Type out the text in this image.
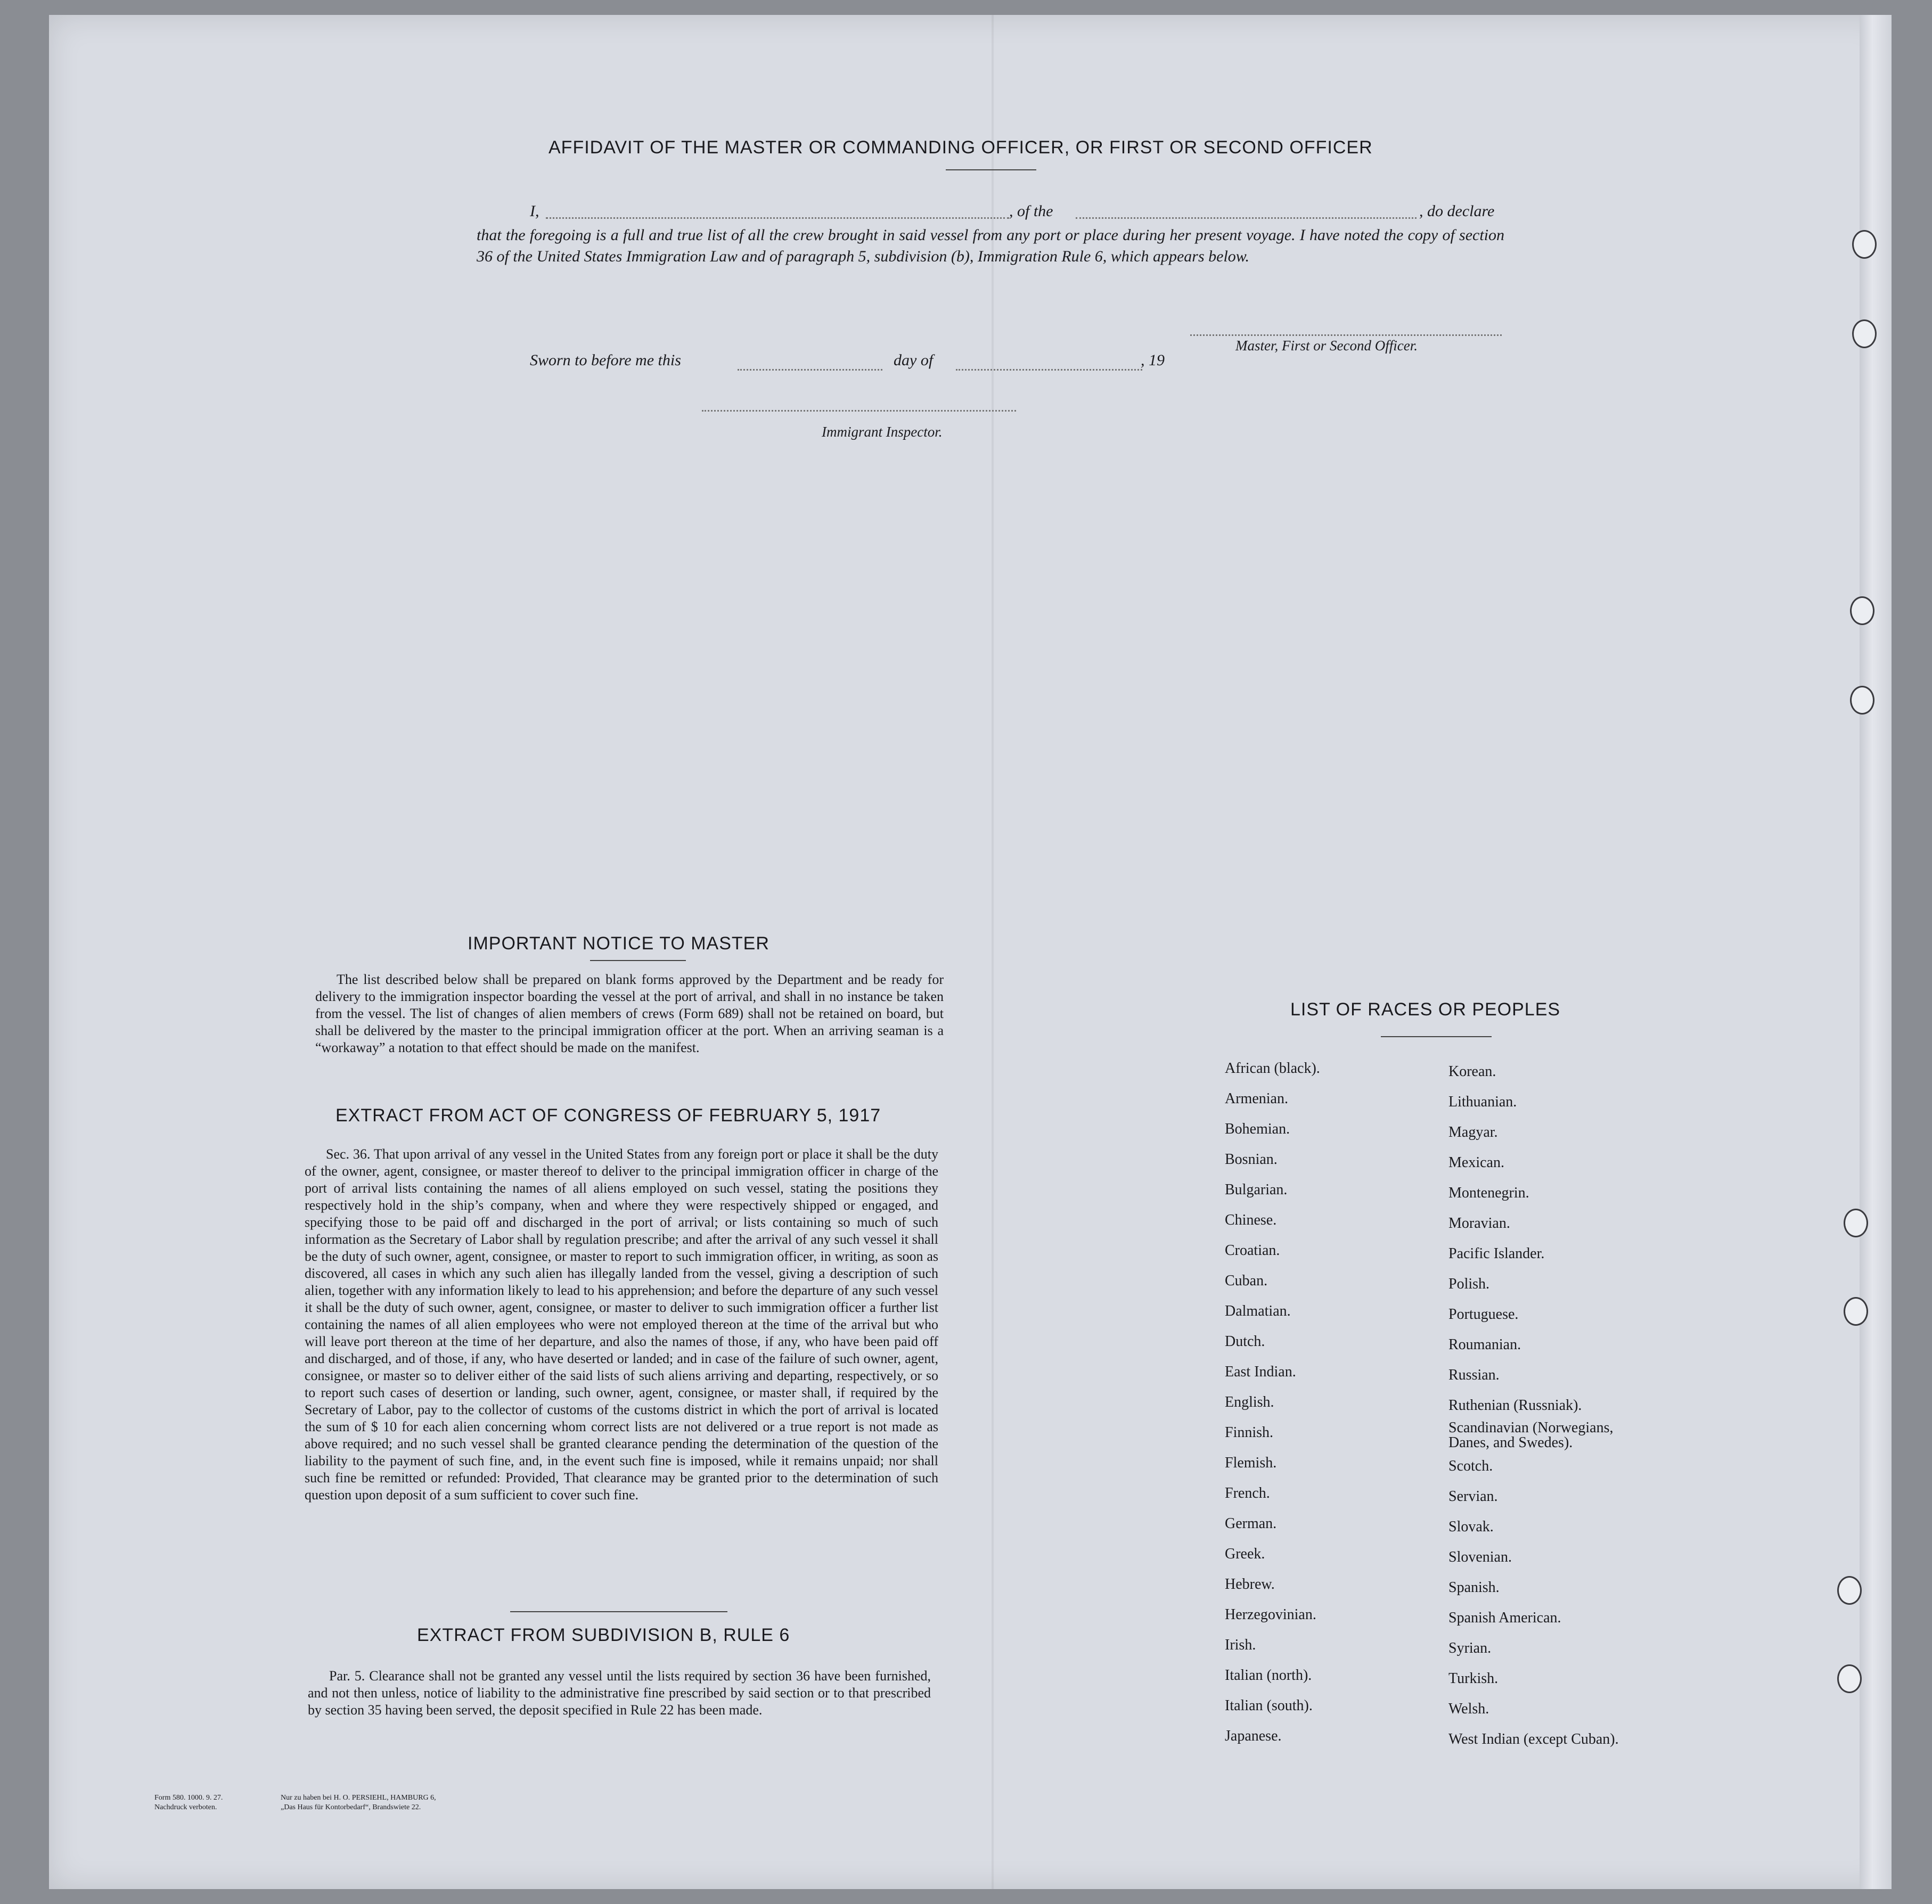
AFFIDAVIT OF THE MASTER OR COMMANDING OFFICER, OR FIRST OR SECOND OFFICER
I,	, of the	, do declare
that the foregoing is a full and true list of all the crew brought in said vessel from any port or place during her present voyage. I have noted the copy of section 36 of the United States Immigration Law and of paragraph 5, subdivision (b), Immigration Rule 6, which appears below.
Master, First or Second Officer.
Sworn to before me this	day of	, 19
Immigrant Inspector.
IMPORTANT NOTICE TO MASTER

The list described below shall be prepared on blank forms approved by the Department and be ready for delivery to the immigration inspector boarding the vessel at the port of arrival, and shall in no instance be taken from the vessel. The list of changes of alien members of crews (Form 689) shall not be retained on board, but shall be delivered by the master to the principal immigration officer at the port. When an arriving seaman is a “workaway” a notation to that effect should be made on the manifest.

EXTRACT FROM ACT OF CONGRESS OF FEBRUARY 5, 1917

Sec. 36. That upon arrival of any vessel in the United States from any foreign port or place it shall be the duty of the owner, agent, consignee, or master thereof to deliver to the principal immigration officer in charge of the port of arrival lists containing the names of all aliens employed on such vessel, stating the positions they respectively hold in the ship’s company, when and where they were respectively shipped or engaged, and specifying those to be paid off and discharged in the port of arrival; or lists containing so much of such information as the Secretary of Labor shall by regulation prescribe; and after the arrival of any such vessel it shall be the duty of such owner, agent, consignee, or master to report to such immigration officer, in writing, as soon as discovered, all cases in which any such alien has illegally landed from the vessel, giving a description of such alien, together with any information likely to lead to his apprehension; and before the departure of any such vessel it shall be the duty of such owner, agent, consignee, or master to deliver to such immigration officer a further list containing the names of all alien employees who were not employed thereon at the time of the arrival but who will leave port thereon at the time of her departure, and also the names of those, if any, who have been paid off and discharged, and of those, if any, who have deserted or landed; and in case of the failure of such owner, agent, consignee, or master so to deliver either of the said lists of such aliens arriving and departing, respectively, or so to report such cases of desertion or landing, such owner, agent, consignee, or master shall, if required by the Secretary of Labor, pay to the collector of customs of the customs district in which the port of arrival is located the sum of $ 10 for each alien concerning whom correct lists are not delivered or a true report is not made as above required; and no such vessel shall be granted clearance pending the determination of the question of the liability to the payment of such fine, and, in the event such fine is imposed, while it remains unpaid; nor shall such fine be remitted or refunded: Provided, That clearance may be granted prior to the determination of such question upon deposit of a sum sufficient to cover such fine.

EXTRACT FROM SUBDIVISION B, RULE 6

Par. 5. Clearance shall not be granted any vessel until the lists required by section 36 have been furnished, and not then unless, notice of liability to the administrative fine prescribed by said section or to that prescribed by section 35 having been served, the deposit specified in Rule 22 has been made.

LIST OF RACES OR PEOPLES
African (black).
Armenian.
Bohemian.
Bosnian.
Bulgarian.
Chinese.
Croatian.
Cuban.
Dalmatian.
Dutch.
East Indian.
English.
Finnish.
Flemish.
French.
German.
Greek.
Hebrew.
Herzegovinian.
Irish.
Italian (north).
Italian (south).
Japanese.
Korean.
Lithuanian.
Magyar.
Mexican.
Montenegrin.
Moravian.
Pacific Islander.
Polish.
Portuguese.
Roumanian.
Russian.
Ruthenian (Russniak).
Scandinavian (Norwegians, Danes, and Swedes).
Scotch.
Servian.
Slovak.
Slovenian.
Spanish.
Spanish American.
Syrian.
Turkish.
Welsh.
West Indian (except Cuban).
Form 580. 1000. 9. 27.
Nachdruck verboten.
Nur zu haben bei H. O. PERSIEHL, HAMBURG 6,
„Das Haus für Kontorbedarf“, Brandswiete 22.
